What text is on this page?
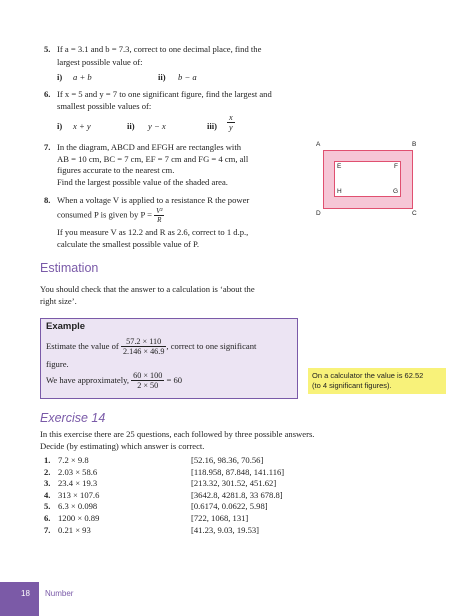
5. If a = 3.1 and b = 7.3, correct to one decimal place, find the
largest possible value of:
i) a + b	ii) b − a
6. If x = 5 and y = 7 to one significant figure, find the largest and
smallest possible values of:
i) x + y	ii) y − x	$iii) \frac{x}{y}$
7. In the diagram, ABCD and EFGH are rectangles with
AB = 10 cm, BC = 7 cm, EF = 7 cm and FG = 4 cm, all
figures accurate to the nearest cm.
Find the largest possible value of the shaded area.
A	B
C
D
E	F
G
H
8. When a voltage V is applied to a resistance R the power
consumed P is given by $P = \frac{\text{V²}}{R}$
If you measure V as 12.2 and R as 2.6, correct to 1 d.p.,
calculate the smallest possible value of P.
Estimation
You should check that the answer to a calculation is ‘about the
right size’.
Example
Estimate the value of $\frac{57.2 \times 110}{2.146 \times 46.9}$ , correct to one significant
figure.
We have approximately, $\frac{60 \times 100}{2 \times 50} = 60$	On a calculator the value is 62.52
(to 4 significant figures).
Exercise 14
In this exercise there are 25 questions, each followed by three possible answers.
Decide (by estimating) which answer is correct.
1.	7.2 × 9.8	[52.16, 98.36, 70.56]
2.	2.03 × 58.6	[118.958, 87.848, 141.116]
3.	23.4 × 19.3	[213.32, 301.52, 451.62]
4.	313 × 107.6	[3642.8, 4281.8, 33 678.8]
5.	6.3 × 0.098	[0.6174, 0.0622, 5.98]
6.	1200 × 0.89	[722, 1068, 131]
7.	0.21 × 93	[41.23, 9.03, 19.53]
18 Number
